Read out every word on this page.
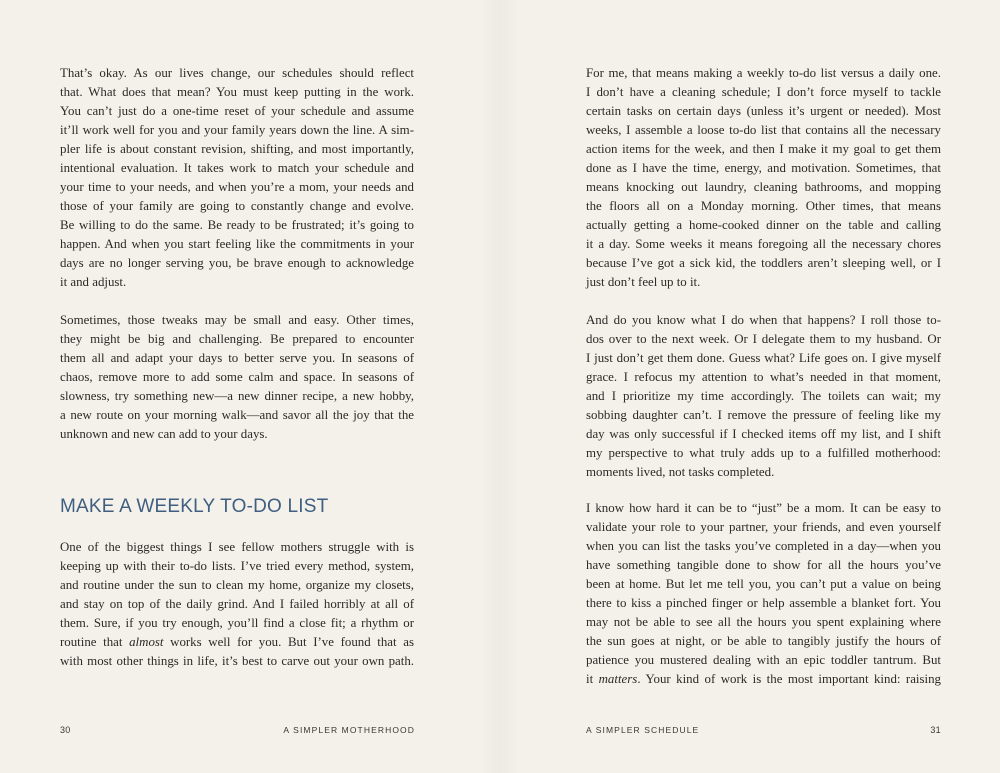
That’s okay. As our lives change, our schedules should reflect
that. What does that mean? You must keep putting in the work.
You can’t just do a one-time reset of your schedule and assume
it’ll work well for you and your family years down the line. A sim-
pler life is about constant revision, shifting, and most importantly,
intentional evaluation. It takes work to match your schedule and
your time to your needs, and when you’re a mom, your needs and
those of your family are going to constantly change and evolve.
Be willing to do the same. Be ready to be frustrated; it’s going to
happen. And when you start feeling like the commitments in your
days are no longer serving you, be brave enough to acknowledge
it and adjust.
Sometimes, those tweaks may be small and easy. Other times,
they might be big and challenging. Be prepared to encounter
them all and adapt your days to better serve you. In seasons of
chaos, remove more to add some calm and space. In seasons of
slowness, try something new—a new dinner recipe, a new hobby,
a new route on your morning walk—and savor all the joy that the
unknown and new can add to your days.
MAKE A WEEKLY TO-DO LIST
One of the biggest things I see fellow mothers struggle with is
keeping up with their to-do lists. I’ve tried every method, system,
and routine under the sun to clean my home, organize my closets,
and stay on top of the daily grind. And I failed horribly at all of
them. Sure, if you try enough, you’ll find a close fit; a rhythm or
routine that almost works well for you. But I’ve found that as
with most other things in life, it’s best to carve out your own path.
30	A SIMPLER MOTHERHOOD
For me, that means making a weekly to-do list versus a daily one.
I don’t have a cleaning schedule; I don’t force myself to tackle
certain tasks on certain days (unless it’s urgent or needed). Most
weeks, I assemble a loose to-do list that contains all the necessary
action items for the week, and then I make it my goal to get them
done as I have the time, energy, and motivation. Sometimes, that
means knocking out laundry, cleaning bathrooms, and mopping
the floors all on a Monday morning. Other times, that means
actually getting a home-cooked dinner on the table and calling
it a day. Some weeks it means foregoing all the necessary chores
because I’ve got a sick kid, the toddlers aren’t sleeping well, or I
just don’t feel up to it.
And do you know what I do when that happens? I roll those to-
dos over to the next week. Or I delegate them to my husband. Or
I just don’t get them done. Guess what? Life goes on. I give myself
grace. I refocus my attention to what’s needed in that moment,
and I prioritize my time accordingly. The toilets can wait; my
sobbing daughter can’t. I remove the pressure of feeling like my
day was only successful if I checked items off my list, and I shift
my perspective to what truly adds up to a fulfilled motherhood:
moments lived, not tasks completed.
I know how hard it can be to “just” be a mom. It can be easy to
validate your role to your partner, your friends, and even yourself
when you can list the tasks you’ve completed in a day—when you
have something tangible done to show for all the hours you’ve
been at home. But let me tell you, you can’t put a value on being
there to kiss a pinched finger or help assemble a blanket fort. You
may not be able to see all the hours you spent explaining where
the sun goes at night, or be able to tangibly justify the hours of
patience you mustered dealing with an epic toddler tantrum. But
it matters. Your kind of work is the most important kind: raising
A SIMPLER SCHEDULE	31
